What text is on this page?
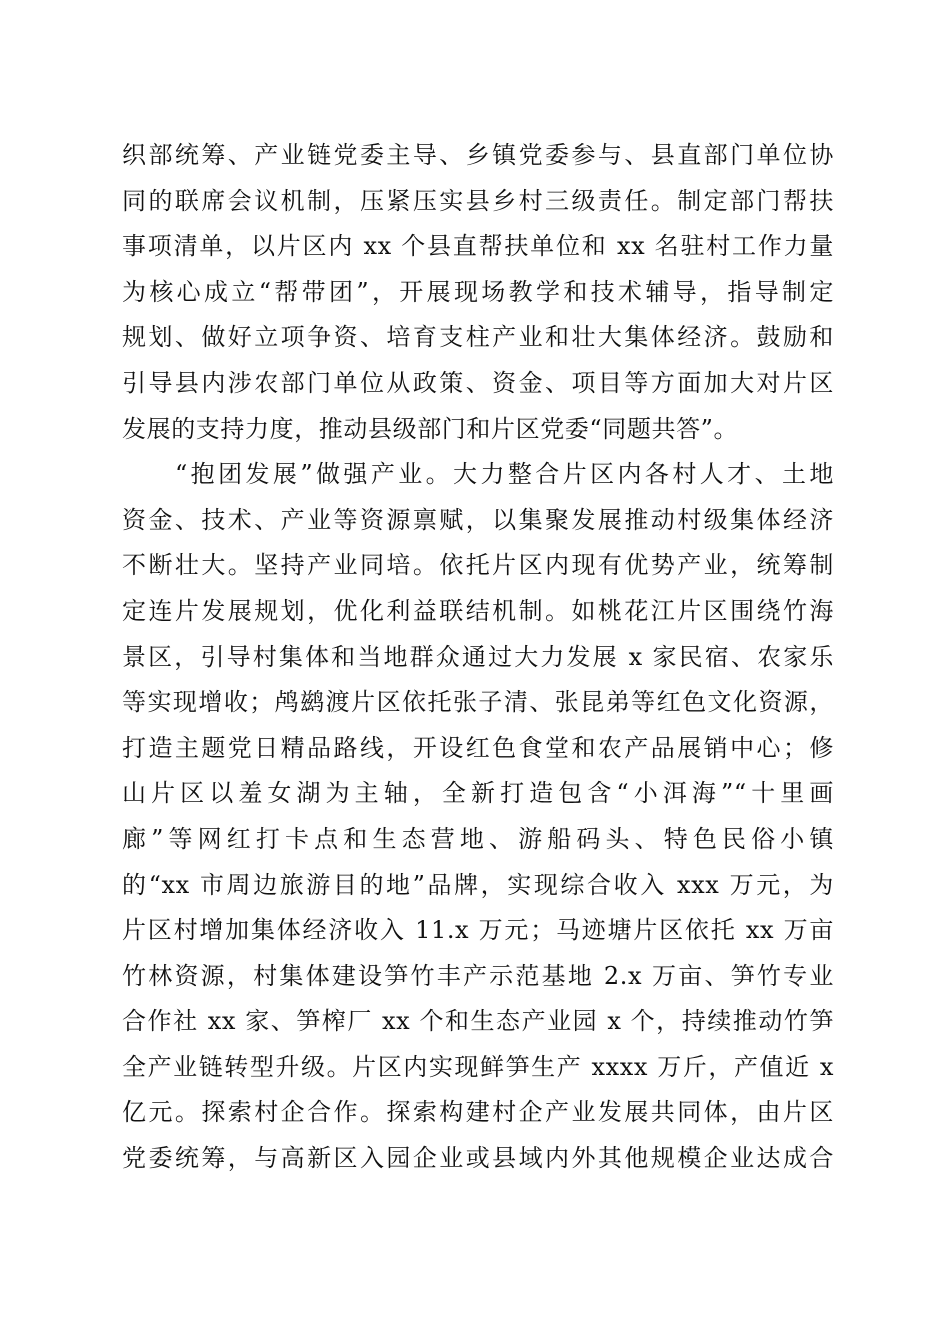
织部统筹、产业链党委主导、乡镇党委参与、县直部门单位协
同的联席会议机制，压紧压实县乡村三级责任。制定部门帮扶
事项清单，以片区内 xx 个县直帮扶单位和 xx 名驻村工作力量
为核心成立“帮带团”，开展现场教学和技术辅导，指导制定
规划、做好立项争资、培育支柱产业和壮大集体经济。鼓励和
引导县内涉农部门单位从政策、资金、项目等方面加大对片区
发展的支持力度，推动县级部门和片区党委“同题共答”。
“抱团发展”做强产业。大力整合片区内各村人才、土地
资金、技术、产业等资源禀赋，以集聚发展推动村级集体经济
不断壮大。坚持产业同培。依托片区内现有优势产业，统筹制
定连片发展规划，优化利益联结机制。如桃花江片区围绕竹海
景区，引导村集体和当地群众通过大力发展 x 家民宿、农家乐
等实现增收；鸬鹚渡片区依托张子清、张昆弟等红色文化资源，
打造主题党日精品路线，开设红色食堂和农产品展销中心；修
山片区以羞女湖为主轴，全新打造包含“小洱海”“十里画
廊”等网红打卡点和生态营地、游船码头、特色民俗小镇
的“xx 市周边旅游目的地”品牌，实现综合收入 xxx 万元，为
片区村增加集体经济收入 11.x 万元；马迹塘片区依托 xx 万亩
竹林资源，村集体建设笋竹丰产示范基地 2.x 万亩、笋竹专业
合作社 xx 家、笋榨厂 xx 个和生态产业园 x 个，持续推动竹笋
全产业链转型升级。片区内实现鲜笋生产 xxxx 万斤，产值近 x
亿元。探索村企合作。探索构建村企产业发展共同体，由片区
党委统筹，与高新区入园企业或县域内外其他规模企业达成合
